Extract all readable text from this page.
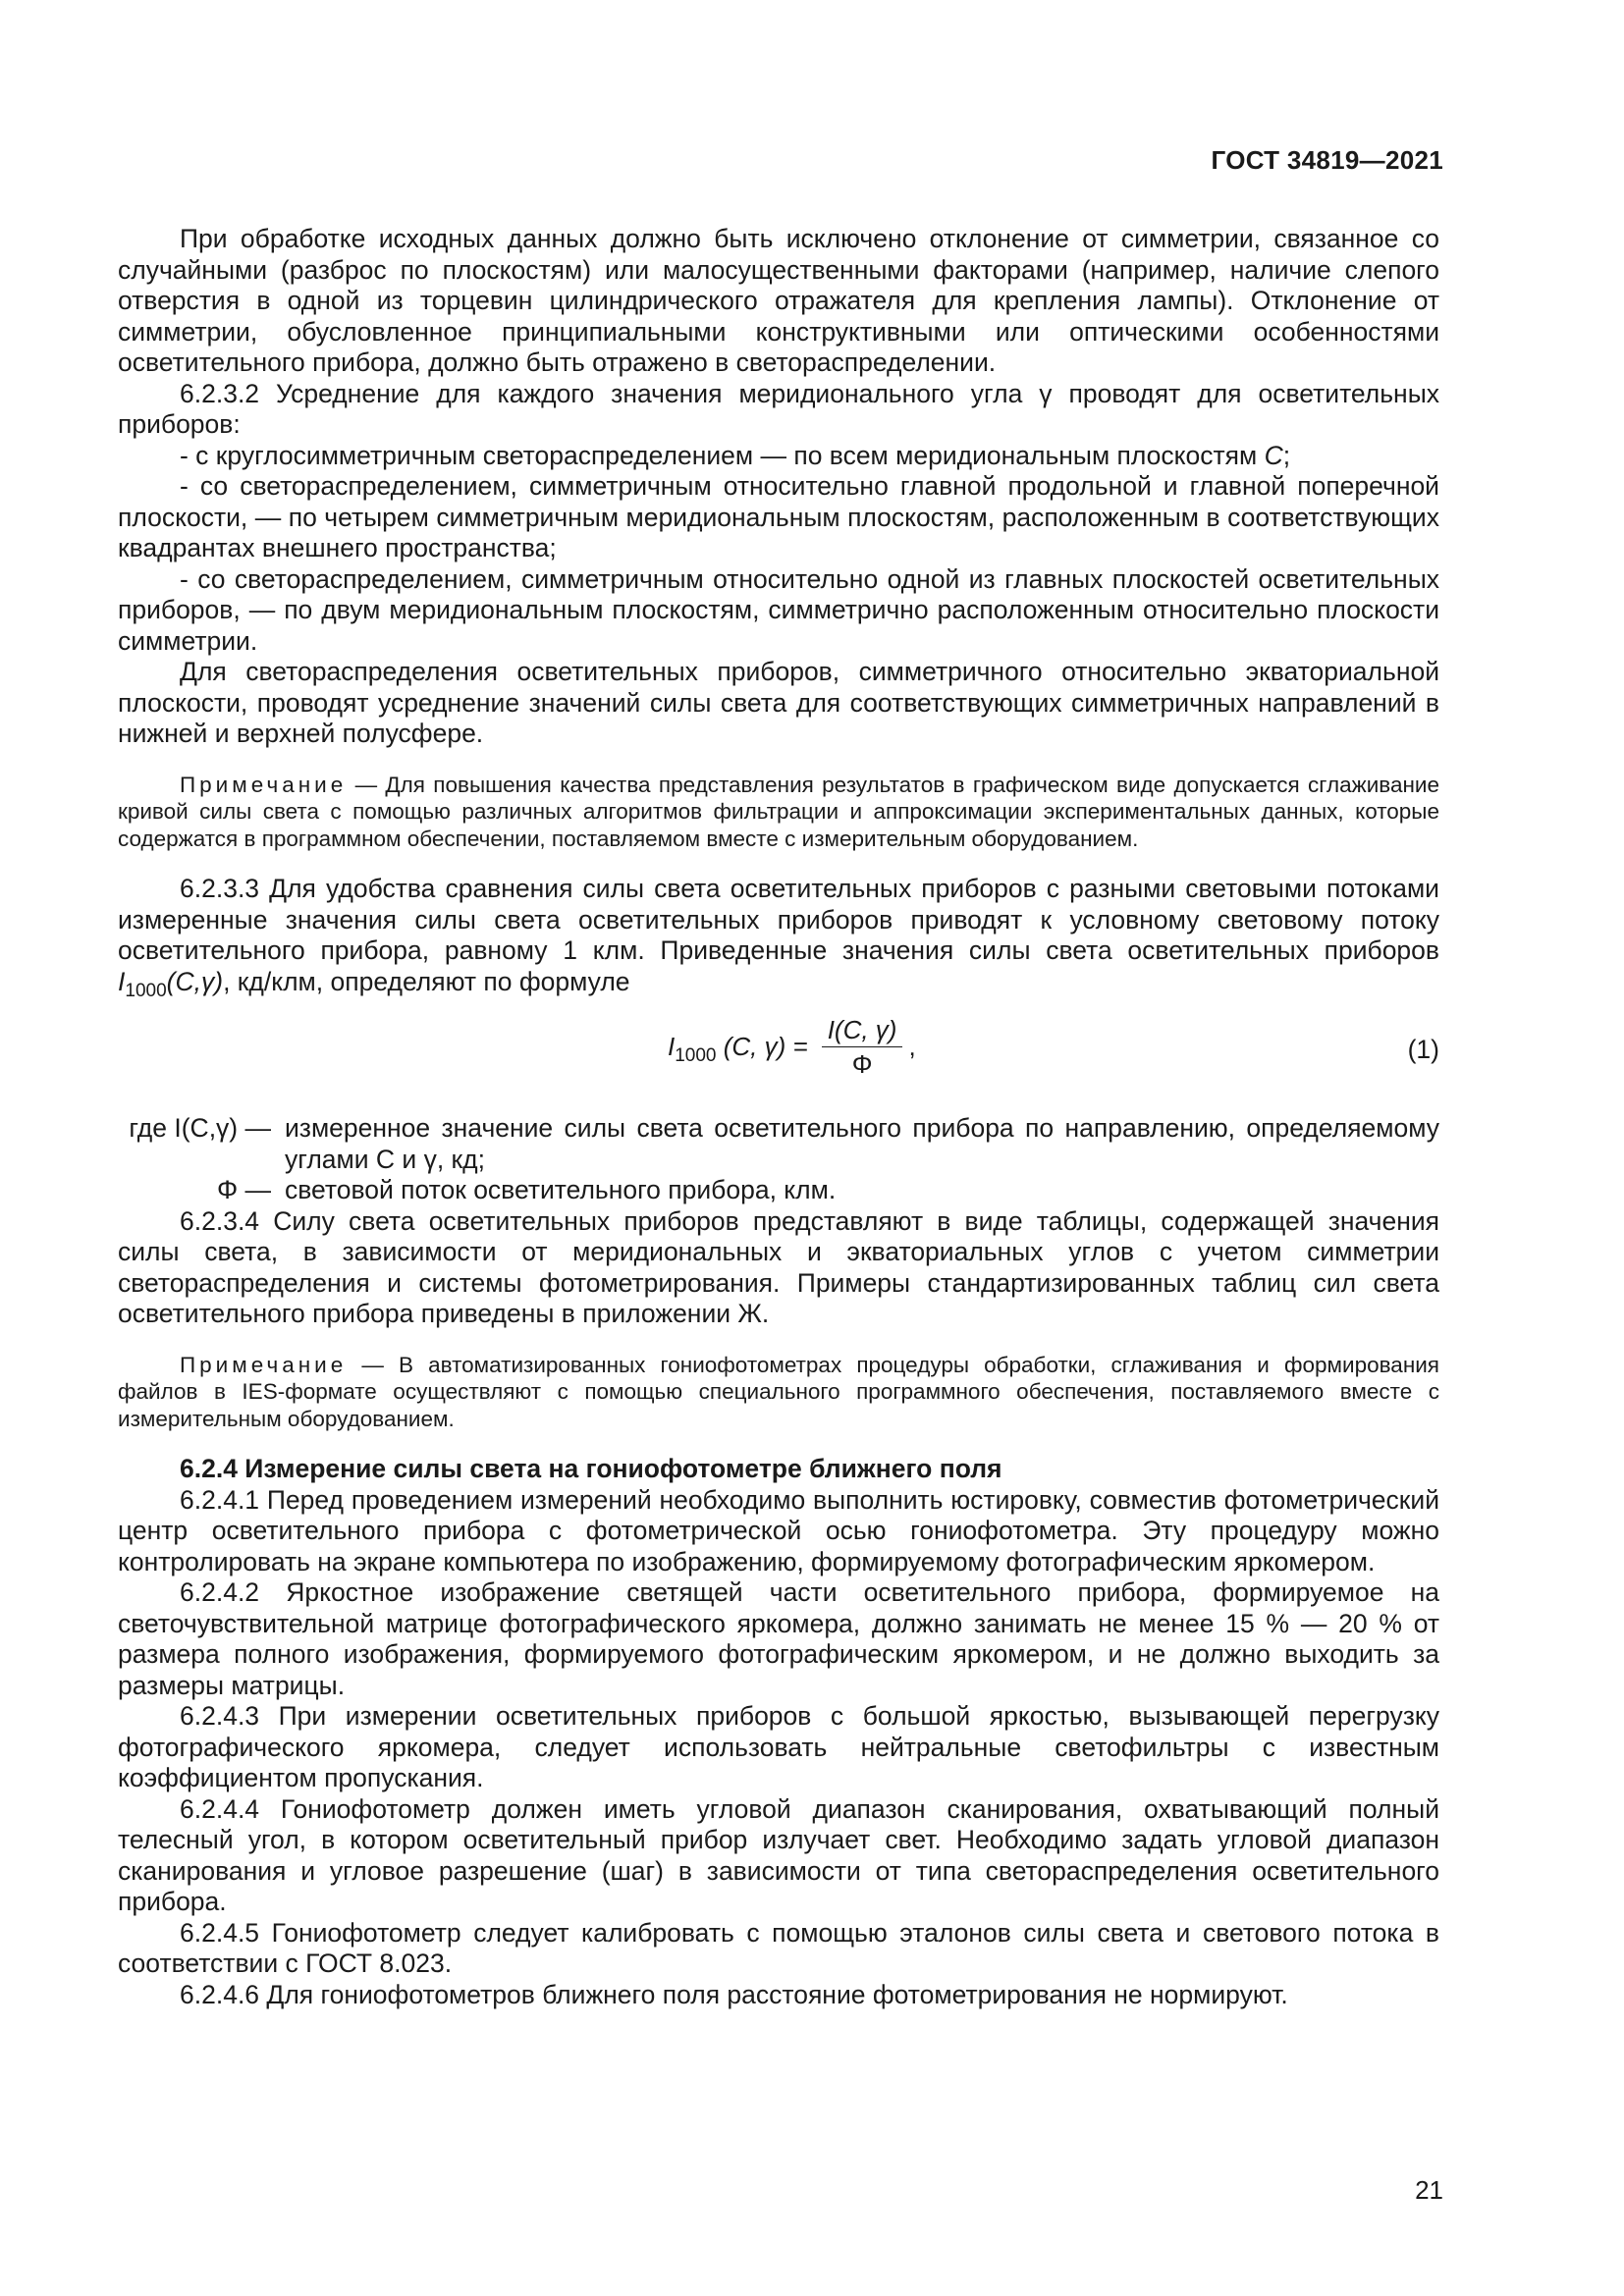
ГОСТ 34819—2021

При обработке исходных данных должно быть исключено отклонение от симметрии, связанное со случайными (разброс по плоскостям) или малосущественными факторами (например, наличие слепого отверстия в одной из торцевин цилиндрического отражателя для крепления лампы). Отклонение от симметрии, обусловленное принципиальными конструктивными или оптическими особенностями осветительного прибора, должно быть отражено в светораспределении.

6.2.3.2 Усреднение для каждого значения меридионального угла γ проводят для осветительных приборов:

- с круглосимметричным светораспределением — по всем меридиональным плоскостям C;

- со светораспределением, симметричным относительно главной продольной и главной поперечной плоскости, — по четырем симметричным меридиональным плоскостям, расположенным в соответствующих квадрантах внешнего пространства;

- со светораспределением, симметричным относительно одной из главных плоскостей осветительных приборов, — по двум меридиональным плоскостям, симметрично расположенным относительно плоскости симметрии.

Для светораспределения осветительных приборов, симметричного относительно экваториальной плоскости, проводят усреднение значений силы света для соответствующих симметричных направлений в нижней и верхней полусфере.

Примечание — Для повышения качества представления результатов в графическом виде допускается сглаживание кривой силы света с помощью различных алгоритмов фильтрации и аппроксимации экспериментальных данных, которые содержатся в программном обеспечении, поставляемом вместе с измерительным оборудованием.

6.2.3.3 Для удобства сравнения силы света осветительных приборов с разными световыми потоками измеренные значения силы света осветительных приборов приводят к условному световому потоку осветительного прибора, равному 1 клм. Приведенные значения силы света осветительных приборов $I_{1000}(C,\gamma)$, кд/клм, определяют по формуле

$I_{1000}$ (C, $\gamma) = \frac{I(C, \gamma)}{\Phi}$ ,	(1)
где I(C,γ) — измеренное значение силы света осветительного прибора по направлению, определяемому углами C и γ, кд;
Φ — световой поток осветительного прибора, клм.

6.2.3.4 Силу света осветительных приборов представляют в виде таблицы, содержащей значения силы света, в зависимости от меридиональных и экваториальных углов с учетом симметрии светораспределения и системы фотометрирования. Примеры стандартизированных таблиц сил света осветительного прибора приведены в приложении Ж.

Примечание — В автоматизированных гониофотометрах процедуры обработки, сглаживания и формирования файлов в IES-формате осуществляют с помощью специального программного обеспечения, поставляемого вместе с измерительным оборудованием.

6.2.4 Измерение силы света на гониофотометре ближнего поля

6.2.4.1 Перед проведением измерений необходимо выполнить юстировку, совместив фотометрический центр осветительного прибора с фотометрической осью гониофотометра. Эту процедуру можно контролировать на экране компьютера по изображению, формируемому фотографическим яркомером.

6.2.4.2 Яркостное изображение светящей части осветительного прибора, формируемое на светочувствительной матрице фотографического яркомера, должно занимать не менее 15 % — 20 % от размера полного изображения, формируемого фотографическим яркомером, и не должно выходить за размеры матрицы.

6.2.4.3 При измерении осветительных приборов с большой яркостью, вызывающей перегрузку фотографического яркомера, следует использовать нейтральные светофильтры с известным коэффициентом пропускания.

6.2.4.4 Гониофотометр должен иметь угловой диапазон сканирования, охватывающий полный телесный угол, в котором осветительный прибор излучает свет. Необходимо задать угловой диапазон сканирования и угловое разрешение (шаг) в зависимости от типа светораспределения осветительного прибора.

6.2.4.5 Гониофотометр следует калибровать с помощью эталонов силы света и светового потока в соответствии с ГОСТ 8.023.

6.2.4.6 Для гониофотометров ближнего поля расстояние фотометрирования не нормируют.

21
